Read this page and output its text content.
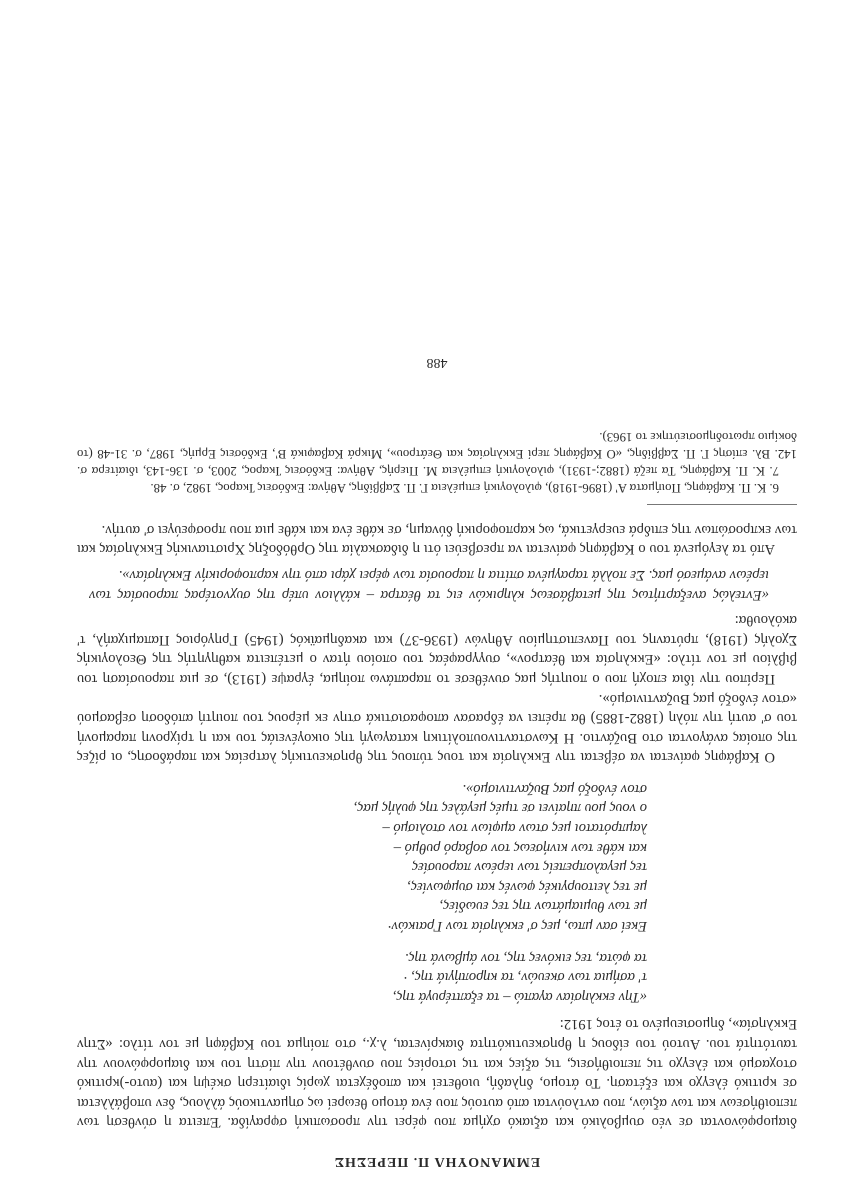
ΕΜΜΑΝΟΥΗΛ Π. ΠΕΡΕΣΗΣ

διαμορφώνονται σε νέο συμβολικό και αξιακό σχήμα που φέρει την προσωπική σφραγίδα. Έπειτα η σύνθεση των πεποιθήσεων και των αξιών, που αντλούνται από αυτούς που ένα άτομο θεωρεί ως σημαντικούς άλλους, δεν υποβάλλεται σε κριτικό έλεγχο και εξέταση. Το άτομο, δηλαδή, υιοθετεί και αποδέχεται χωρίς ιδιαίτερη σκέψη και (αυτο-)κριτικό στοχασμό και έλεγχο τις πεποιθήσεις, τις αξίες και τις ιστορίες που συνθέτουν την πίστη του και διαμορφώνουν την ταυτότητά του. Αυτού του είδους η θρησκευτικότητα διακρίνεται, λ.χ., στο ποίημα του Καβάφη με τον τίτλο: «Στην Εκκλησία», δημοσιευμένο το έτος 1912:

«Την εκκλησίαν αγαπώ – τα εξαπτέρυγά της,
τ' ασήμια των σκευών, τα κηροπήγιά της, ·
τα φώτα, τες εικόνες της, τον άμβωνά της.
Εκεί σαν μπω, μες σ' εκκλησία των Γραικών·
με των θυμιαμάτων της τες ευωδίες,
με τες λειτουργικές φωνές και συμφωνίες,
τες μεγαλοπρεπείς των ιερέων παρουσίες
και κάθε των κινήσεως τον σοβαρό ρυθμό –
λαμπρότατοι μες στων αμφίων τον στολισμό –
ο νους μου πηαίνει σε τιμές μεγάλες της φυλής μας,
στον ένδοξό μας Βυζαντινισμό».

Ο Καβάφης φαίνεται να σέβεται την Εκκλησία και τους τύπους της θρησκευτικής λατρείας και παράδοσης, οι ρίζες της οποίας ανάγονται στο Βυζάντιο. Η Κωνσταντινουπολίτικη καταγωγή της οικογένειάς του και η τρίχρονη παραμονή του σ' αυτή την πόλη (1882-1885) θα πρέπει να έδρασαν αποφασιστικά στην εκ μέρους του ποιητή απόδοση σεβασμού «στον ένδοξό μας Βυζαντινισμό».

Περίπου την ίδια εποχή που ο ποιητής μας συνέθεσε το παραπάνω ποίημα, έγραψε (1913), σε μια παρουσίαση του βιβλίου με τον τίτλο: «Εκκλησία και θέατρον», συγγραφέας του οποίου ήταν ο μετέπειτα καθηγητής της Θεολογικής Σχολής (1918), πρύτανης του Πανεπιστημίου Αθηνών (1936-37) και ακαδημαϊκός (1945) Γρηγόριος Παπαμιχαήλ, τ' ακόλουθα:

«Εντελώς ανεξαρτήτως της μεταβάσεως κληρικών εις τα θέατρα – κάλλιον υπέρ της συχνοτέρας παρουσίας των ιερέων ανάμεσό μας. Σε πολλά ταραγμένα σπίτια η παρουσία των φέρει χάρι από την καρποφορικήν Εκκλησίαν».

Από τα λεγόμενά του ο Καβάφης φαίνεται να πρεσβεύει ότι η διδασκαλία της Ορθόδοξης Χριστιανικής Εκκλησίας και των εκπροσώπων της επιδρά ευεργετικά, ως καρποφορική δύναμη, σε κάθε ένα και κάθε μια που προσφεύγει σ' αυτήν.

6. Κ. Π. Καβάφης, Ποιήματα Α' (1896-1918), φιλολογική επιμέλεια Γ. Π. Σαββίδης, Αθήνα: Εκδόσεις Ίκαρος, 1982, σ. 48.
7. Κ. Π. Καβάφης, Τα πεζά (1882;-1931), φιλολογική επιμέλεια Μ. Πιερής, Αθήνα: Εκδόσεις Ίκαρος, 2003, σ. 136-143, ιδιαίτερα σ. 142. Βλ. επίσης Γ. Π. Σαββίδης, «Ο Καβάφης περί Εκκλησίας και Θεάτρου», Μικρά Καβαφικά Β', Εκδόσεις Ερμής, 1987, σ. 31-48 (το δοκίμιο πρωτοδημοσιεύτηκε το 1963).
488
